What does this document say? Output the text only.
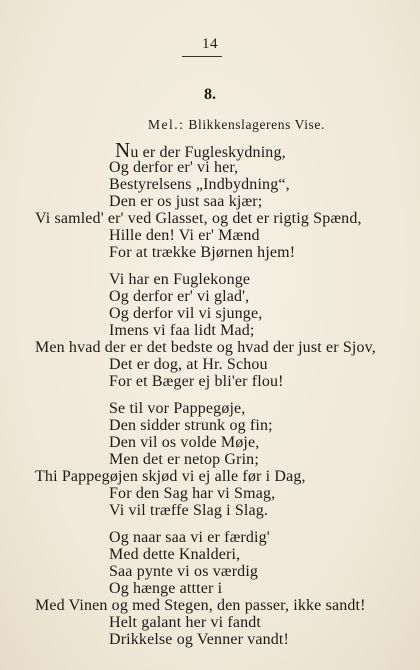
14
8.
Mel.: Blikkenslagerens Vise.
Nu er der Fugleskydning,
Og derfor er' vi her,
Bestyrelsens „Indbydning“,
Den er os just saa kjær;
Vi samled' er' ved Glasset, og det er rigtig Spænd,
Hille den! Vi er' Mænd
For at trække Bjørnen hjem!
Vi har en Fuglekonge
Og derfor er' vi glad',
Og derfor vil vi sjunge,
Imens vi faa lidt Mad;
Men hvad der er det bedste og hvad der just er Sjov,
Det er dog, at Hr. Schou
For et Bæger ej bli'er flou!
Se til vor Pappegøje,
Den sidder strunk og fin;
Den vil os volde Møje,
Men det er netop Grin;
Thi Pappegøjen skjød vi ej alle før i Dag,
For den Sag har vi Smag,
Vi vil træffe Slag i Slag.
Og naar saa vi er færdig'
Med dette Knalderi,
Saa pynte vi os værdig
Og hænge attter i
Med Vinen og med Stegen, den passer, ikke sandt!
Helt galant her vi fandt
Drikkelse og Venner vandt!
